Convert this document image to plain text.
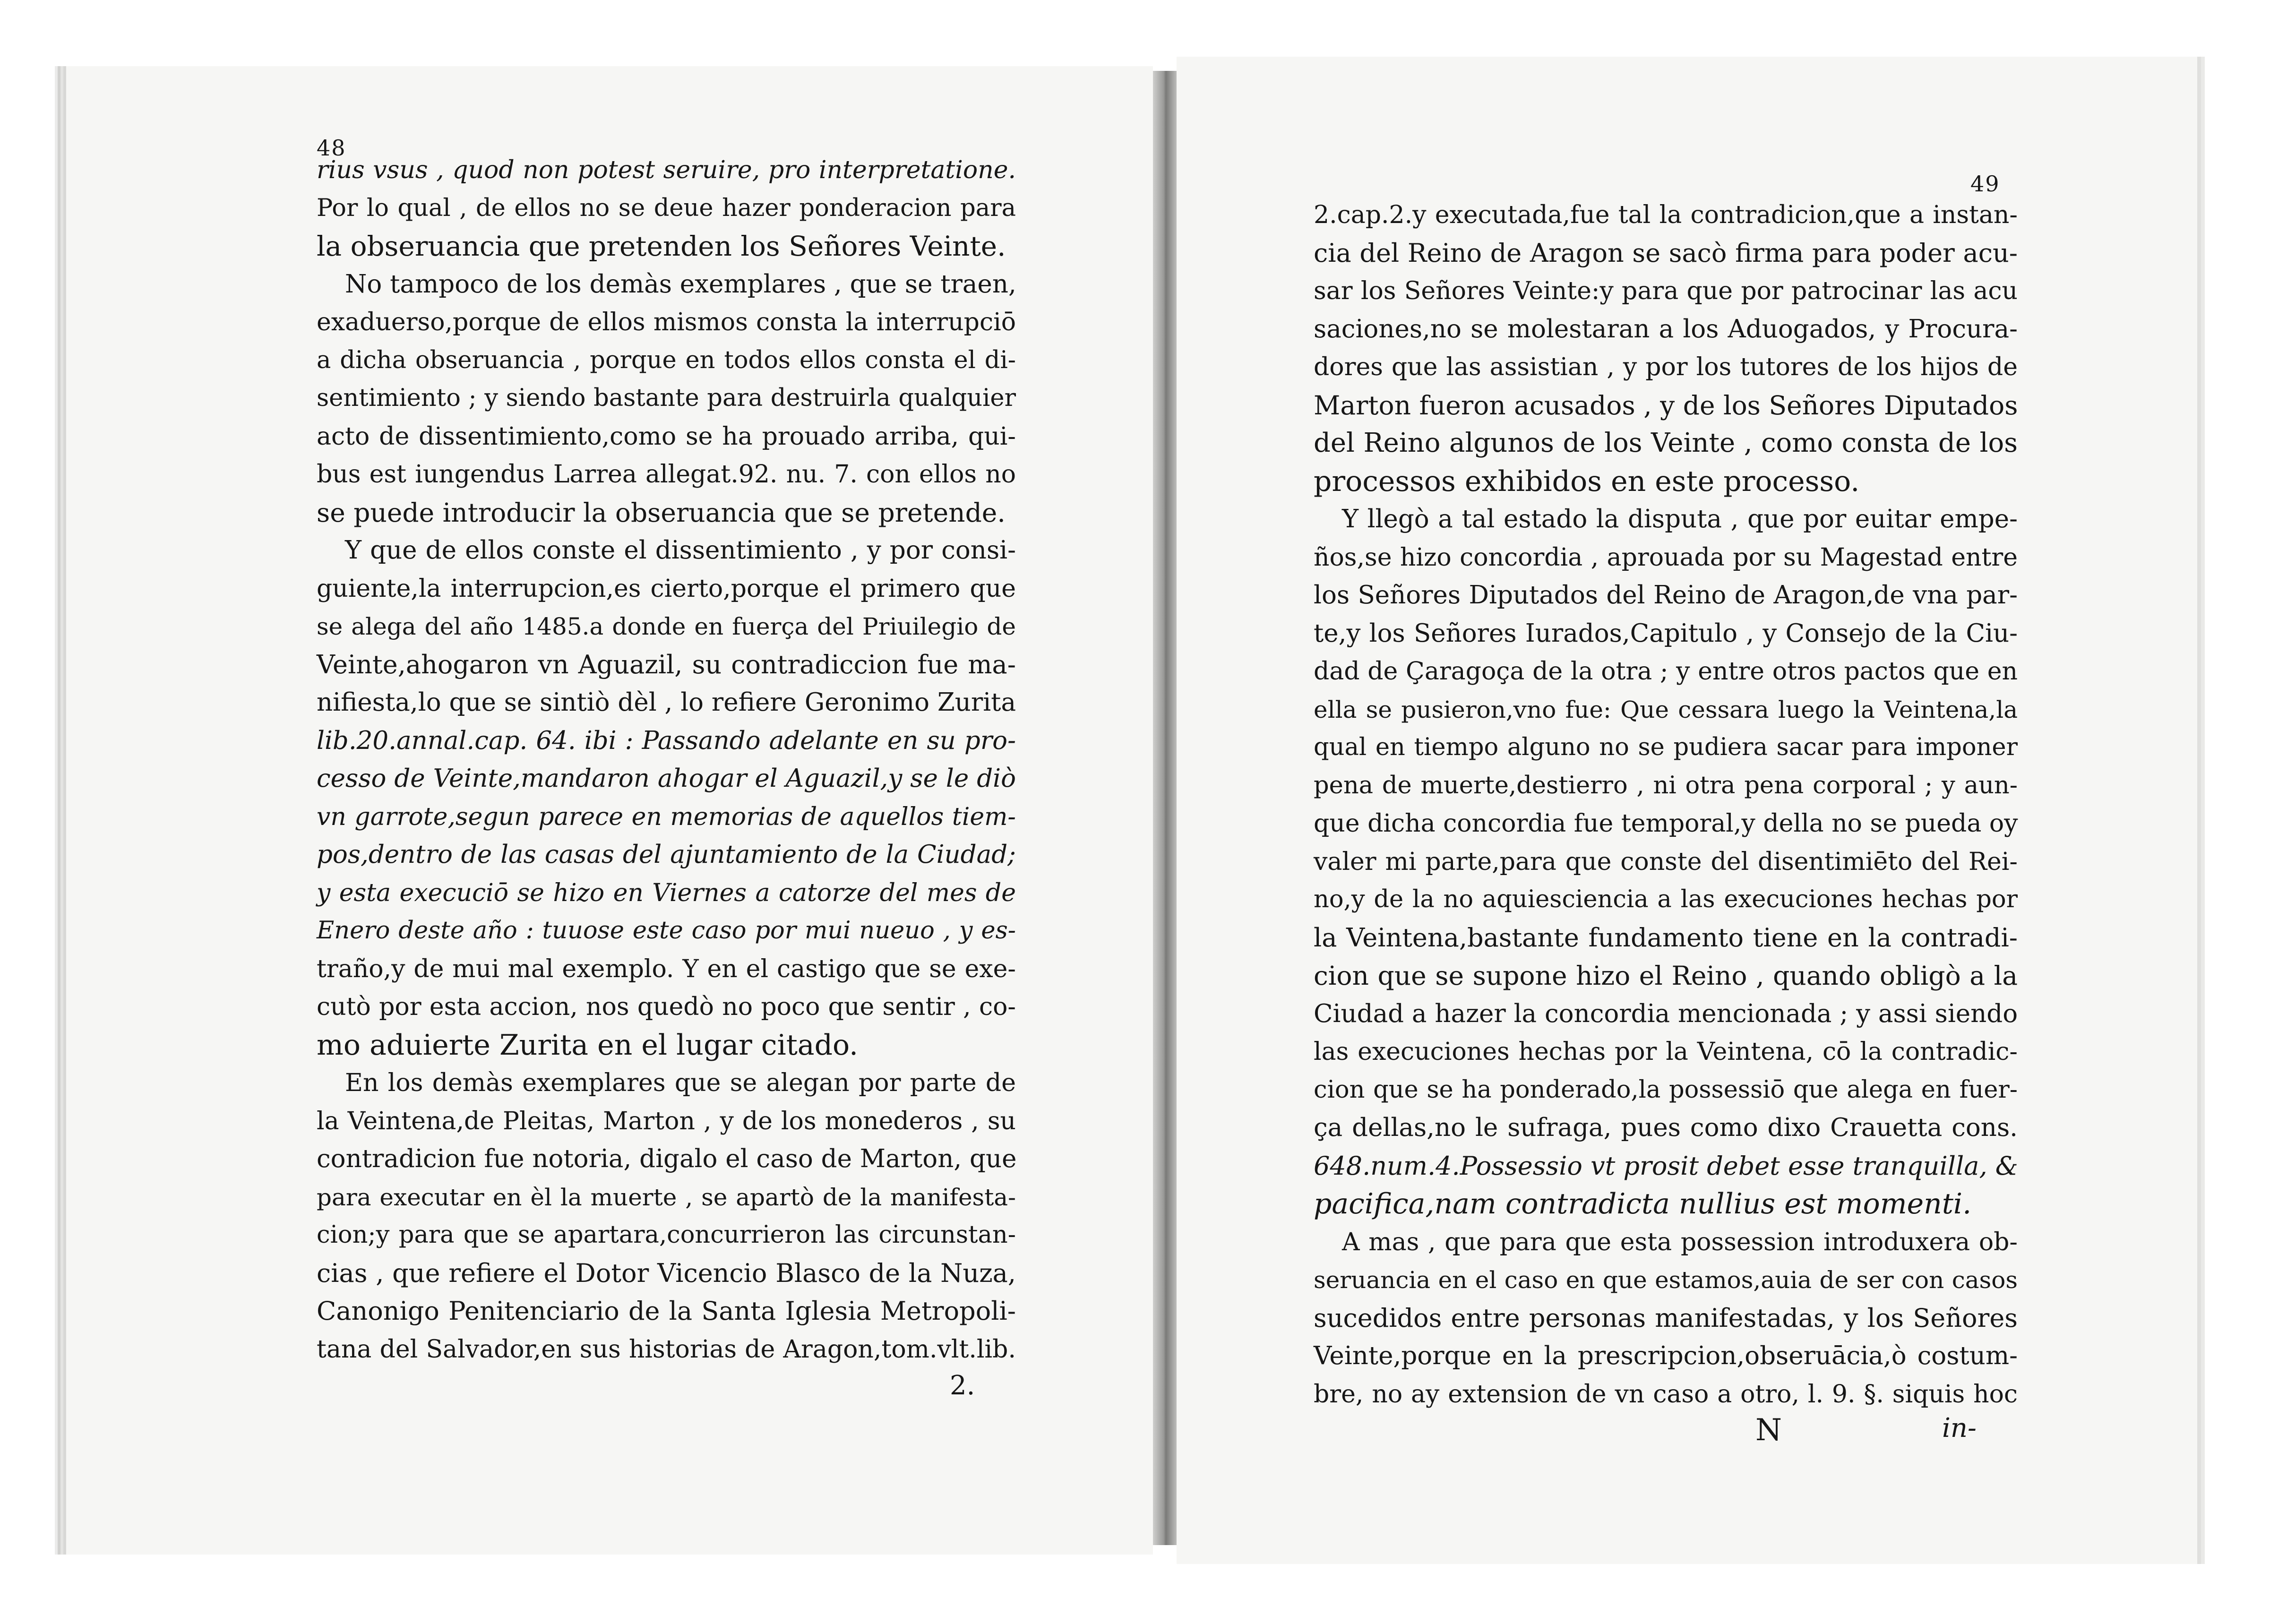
48
49
rius vsus , quod non potest seruire, pro interpretatione.
Por lo qual , de ellos no se deue hazer ponderacion para
la obseruancia que pretenden los Señores Veinte.
No tampoco de los demàs exemplares , que se traen,
exaduerso,porque de ellos mismos consta la interrupciō
a dicha obseruancia , porque en todos ellos consta el di-
sentimiento ; y siendo bastante para destruirla qualquier
acto de dissentimiento,como se ha prouado arriba, qui-
bus est iungendus Larrea allegat.92. nu. 7. con ellos no
se puede introducir la obseruancia que se pretende.
Y que de ellos conste el dissentimiento , y por consi-
guiente,la interrupcion,es cierto,porque el primero que
se alega del año 1485.a donde en fuerça del Priuilegio de
Veinte,ahogaron vn Aguazil, su contradiccion fue ma-
nifiesta,lo que se sintiò dèl , lo refiere Geronimo Zurita
lib.20.annal.cap. 64. ibi : Passando adelante en su pro-
cesso de Veinte,mandaron ahogar el Aguazil,y se le diò
vn garrote,segun parece en memorias de aquellos tiem-
pos,dentro de las casas del ajuntamiento de la Ciudad;
y esta execuciō se hizo en Viernes a catorze del mes de
Enero deste año : tuuose este caso por mui nueuo , y es-
traño,y de mui mal exemplo. Y en el castigo que se exe-
cutò por esta accion, nos quedò no poco que sentir , co-
mo aduierte Zurita en el lugar citado.
En los demàs exemplares que se alegan por parte de
la Veintena,de Pleitas, Marton , y de los monederos , su
contradicion fue notoria, digalo el caso de Marton, que
para executar en èl la muerte , se apartò de la manifesta-
cion;y para que se apartara,concurrieron las circunstan-
cias , que refiere el Dotor Vicencio Blasco de la Nuza,
Canonigo Penitenciario de la Santa Iglesia Metropoli-
tana del Salvador,en sus historias de Aragon,tom.vlt.lib.
2.
2.cap.2.y executada,fue tal la contradicion,que a instan-
cia del Reino de Aragon se sacò firma para poder acu-
sar los Señores Veinte:y para que por patrocinar las acu
saciones,no se molestaran a los Aduogados, y Procura-
dores que las assistian , y por los tutores de los hijos de
Marton fueron acusados , y de los Señores Diputados
del Reino algunos de los Veinte , como consta de los
processos exhibidos en este processo.
Y llegò a tal estado la disputa , que por euitar empe-
ños,se hizo concordia , aprouada por su Magestad entre
los Señores Diputados del Reino de Aragon,de vna par-
te,y los Señores Iurados,Capitulo , y Consejo de la Ciu-
dad de Çaragoça de la otra ; y entre otros pactos que en
ella se pusieron,vno fue: Que cessara luego la Veintena,la
qual en tiempo alguno no se pudiera sacar para imponer
pena de muerte,destierro , ni otra pena corporal ; y aun-
que dicha concordia fue temporal,y della no se pueda oy
valer mi parte,para que conste del disentimiēto del Rei-
no,y de la no aquiesciencia a las execuciones hechas por
la Veintena,bastante fundamento tiene en la contradi-
cion que se supone hizo el Reino , quando obligò a la
Ciudad a hazer la concordia mencionada ; y assi siendo
las execuciones hechas por la Veintena, cō la contradic-
cion que se ha ponderado,la possessiō que alega en fuer-
ça dellas,no le sufraga, pues como dixo Crauetta cons.
648.num.4.Possessio vt prosit debet esse tranquilla, &
pacifica,nam contradicta nullius est momenti.
A mas , que para que esta possession introduxera ob-
seruancia en el caso en que estamos,auia de ser con casos
sucedidos entre personas manifestadas, y los Señores
Veinte,porque en la prescripcion,obseruācia,ò costum-
bre, no ay extension de vn caso a otro, l. 9. §. siquis hoc
N	in-
